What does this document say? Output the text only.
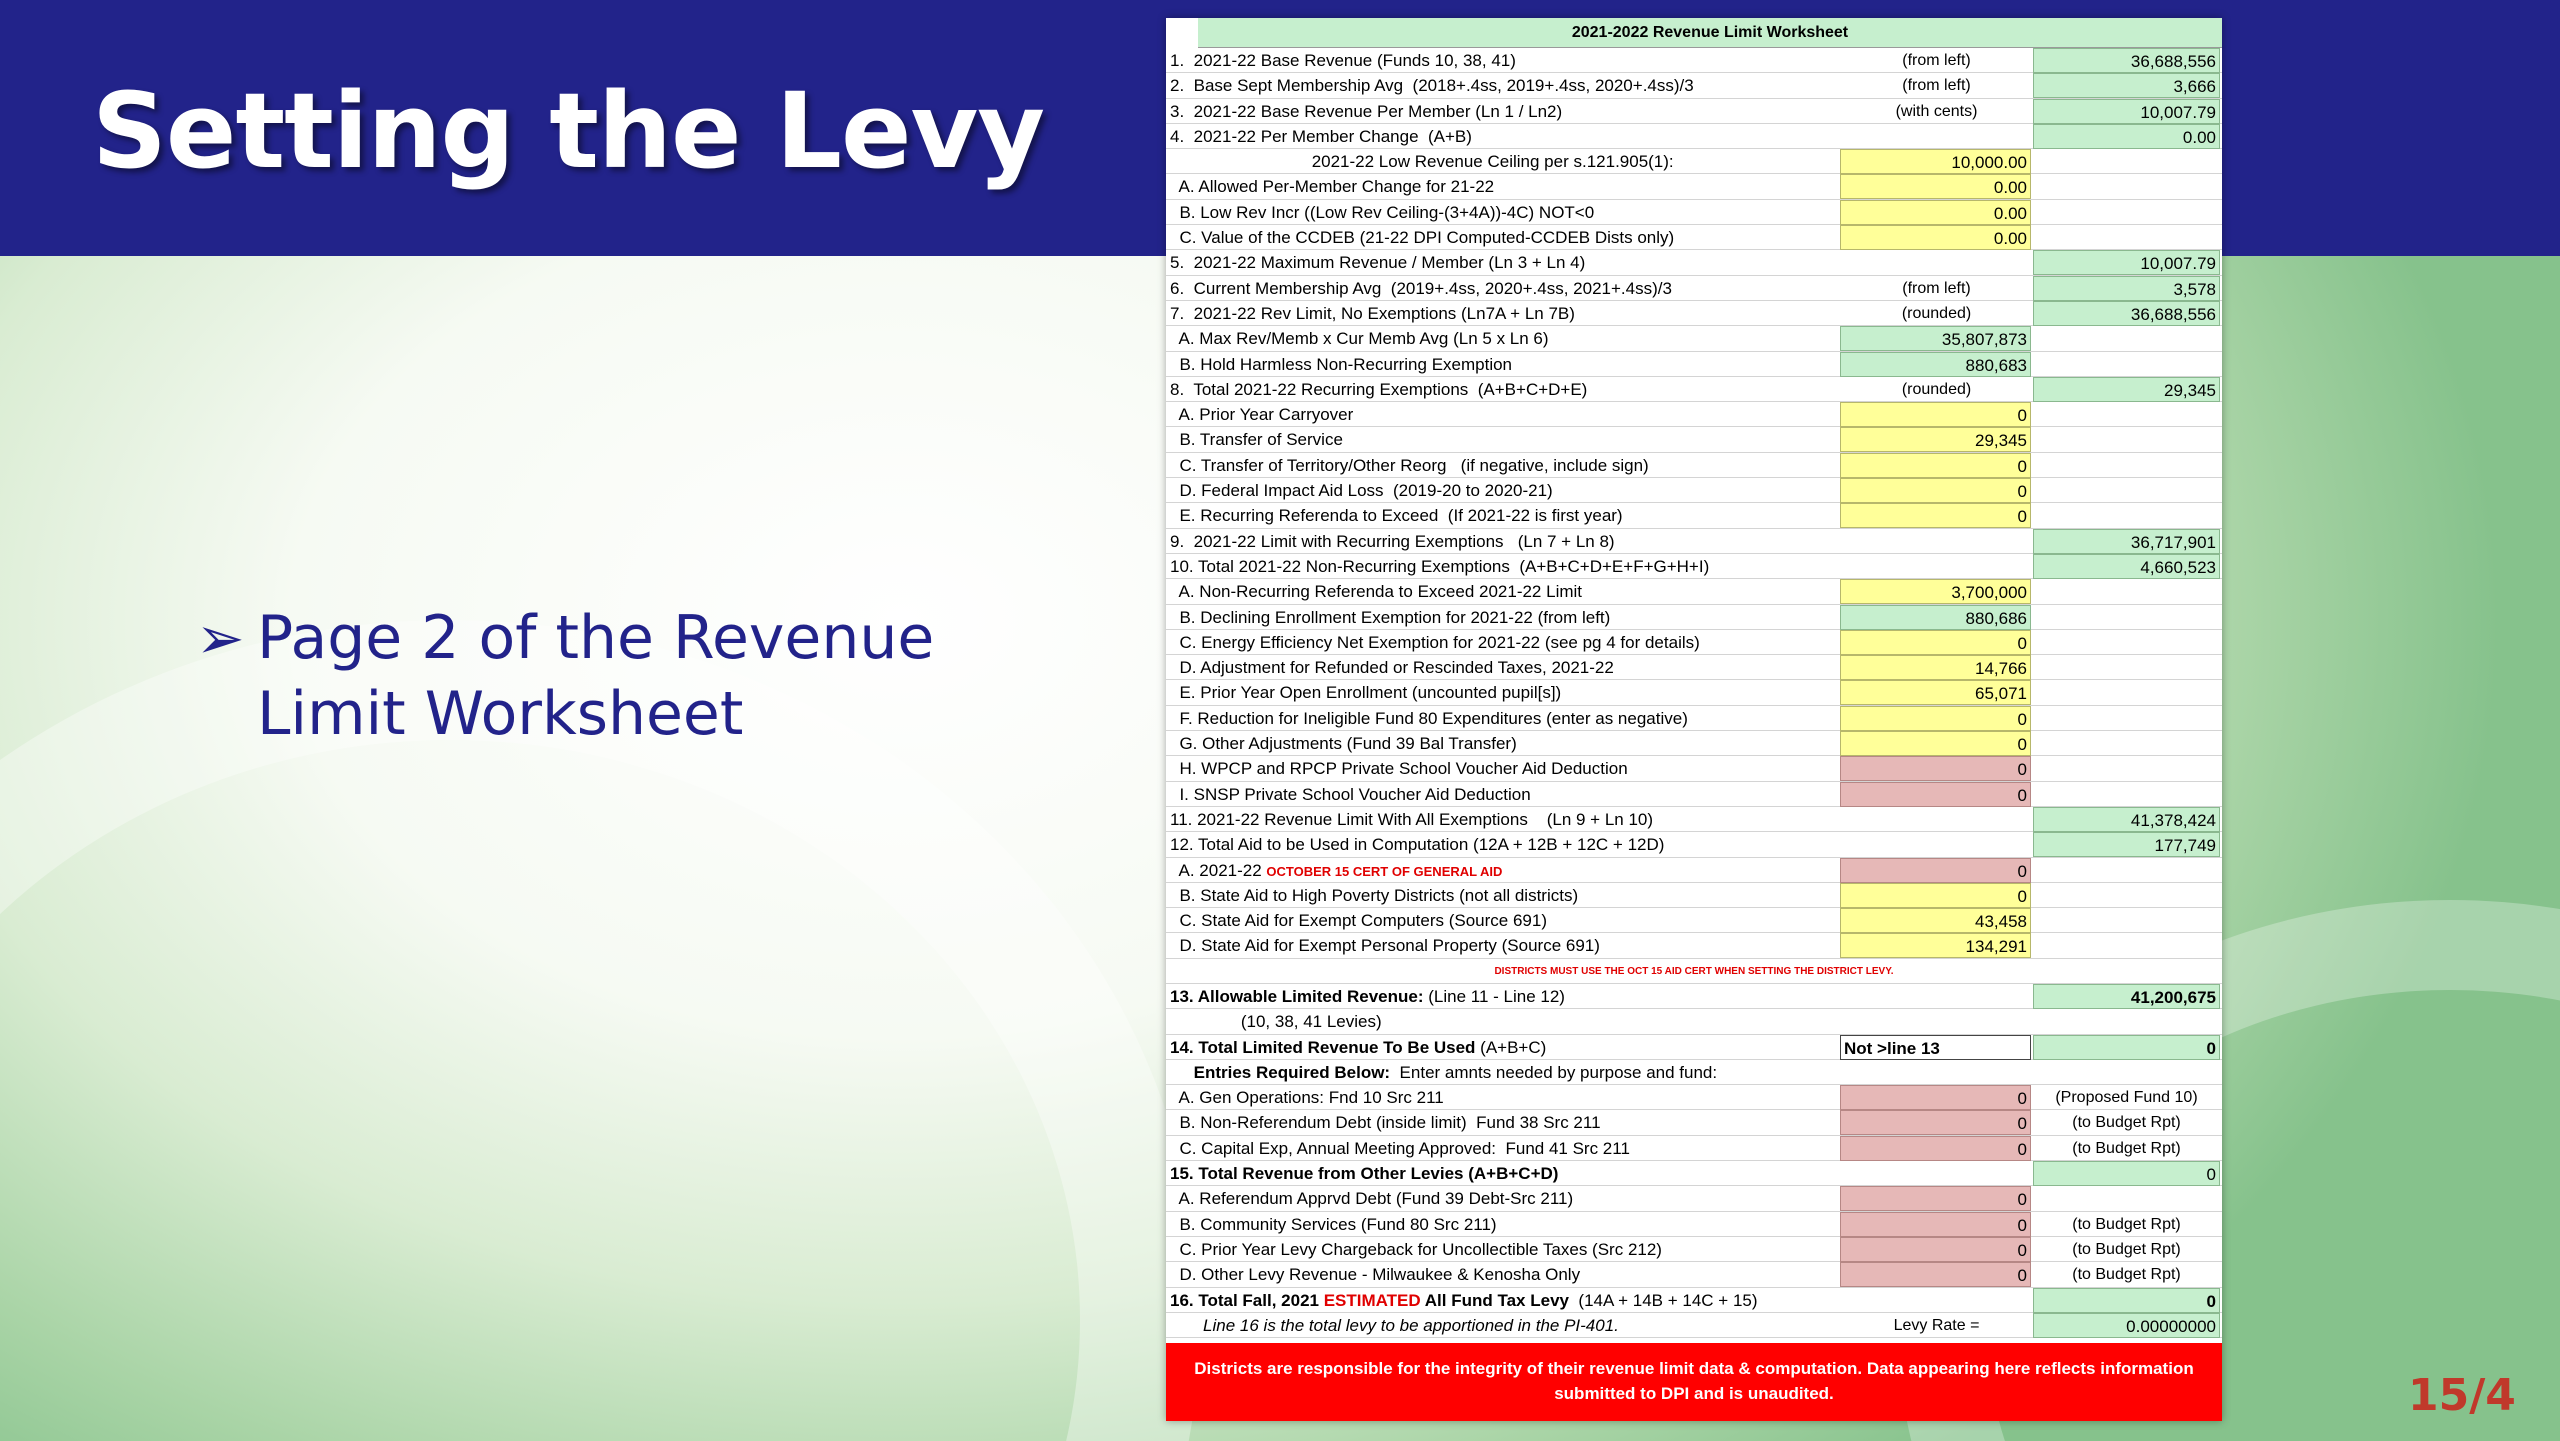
Setting the Levy
➢ Page 2 of the Revenue Limit Worksheet
2021-2022 Revenue Limit Worksheet
1.  2021-22 Base Revenue (Funds 10, 38, 41)	(from left)	36,688,556
2.  Base Sept Membership Avg  (2018+.4ss, 2019+.4ss, 2020+.4ss)/3	(from left)	3,666
3.  2021-22 Base Revenue Per Member (Ln 1 / Ln2)	(with cents)	10,007.79
4.  2021-22 Per Member Change  (A+B)	0.00
2021-22 Low Revenue Ceiling per s.121.905(1):	10,000.00
A. Allowed Per-Member Change for 21-22	0.00
B. Low Rev Incr ((Low Rev Ceiling-(3+4A))-4C) NOT<0	0.00
C. Value of the CCDEB (21-22 DPI Computed-CCDEB Dists only)	0.00
5.  2021-22 Maximum Revenue / Member (Ln 3 + Ln 4)	10,007.79
6.  Current Membership Avg  (2019+.4ss, 2020+.4ss, 2021+.4ss)/3	(from left)	3,578
7.  2021-22 Rev Limit, No Exemptions (Ln7A + Ln 7B)	(rounded)	36,688,556
A. Max Rev/Memb x Cur Memb Avg (Ln 5 x Ln 6)	35,807,873
B. Hold Harmless Non-Recurring Exemption	880,683
8.  Total 2021-22 Recurring Exemptions  (A+B+C+D+E)	(rounded)	29,345
A. Prior Year Carryover	0
B. Transfer of Service	29,345
C. Transfer of Territory/Other Reorg   (if negative, include sign)	0
D. Federal Impact Aid Loss  (2019-20 to 2020-21)	0
E. Recurring Referenda to Exceed  (If 2021-22 is first year)	0
9.  2021-22 Limit with Recurring Exemptions   (Ln 7 + Ln 8)	36,717,901
10. Total 2021-22 Non-Recurring Exemptions  (A+B+C+D+E+F+G+H+I)	4,660,523
A. Non-Recurring Referenda to Exceed 2021-22 Limit	3,700,000
B. Declining Enrollment Exemption for 2021-22 (from left)	880,686
C. Energy Efficiency Net Exemption for 2021-22 (see pg 4 for details)	0
D. Adjustment for Refunded or Rescinded Taxes, 2021-22	14,766
E. Prior Year Open Enrollment (uncounted pupil[s])	65,071
F. Reduction for Ineligible Fund 80 Expenditures (enter as negative)	0
G. Other Adjustments (Fund 39 Bal Transfer)	0
H. WPCP and RPCP Private School Voucher Aid Deduction	0
I. SNSP Private School Voucher Aid Deduction	0
11. 2021-22 Revenue Limit With All Exemptions    (Ln 9 + Ln 10)	41,378,424
12. Total Aid to be Used in Computation (12A + 12B + 12C + 12D)	177,749
A. 2021-22 OCTOBER 15 CERT OF GENERAL AID	0
B. State Aid to High Poverty Districts (not all districts)	0
C. State Aid for Exempt Computers (Source 691)	43,458
D. State Aid for Exempt Personal Property (Source 691)	134,291
DISTRICTS MUST USE THE OCT 15 AID CERT WHEN SETTING THE DISTRICT LEVY.
13. Allowable Limited Revenue: (Line 11 - Line 12)	41,200,675
(10, 38, 41 Levies)
14. Total Limited Revenue To Be Used (A+B+C)	Not >line 13	0
Entries Required Below:  Enter amnts needed by purpose and fund:
A. Gen Operations: Fnd 10 Src 211	0	(Proposed Fund 10)
B. Non-Referendum Debt (inside limit)  Fund 38 Src 211	0	(to Budget Rpt)
C. Capital Exp, Annual Meeting Approved:  Fund 41 Src 211	0	(to Budget Rpt)
15. Total Revenue from Other Levies (A+B+C+D)	0
A. Referendum Apprvd Debt (Fund 39 Debt-Src 211)	0
B. Community Services (Fund 80 Src 211)	0	(to Budget Rpt)
C. Prior Year Levy Chargeback for Uncollectible Taxes (Src 212)	0	(to Budget Rpt)
D. Other Levy Revenue - Milwaukee & Kenosha Only	0	(to Budget Rpt)
16. Total Fall, 2021 ESTIMATED All Fund Tax Levy  (14A + 14B + 14C + 15)	0
Line 16 is the total levy to be apportioned in the PI-401.	Levy Rate =	0.00000000
Districts are responsible for the integrity of their revenue limit data & computation. Data appearing here reflects information submitted to DPI and is unaudited.	15/4
